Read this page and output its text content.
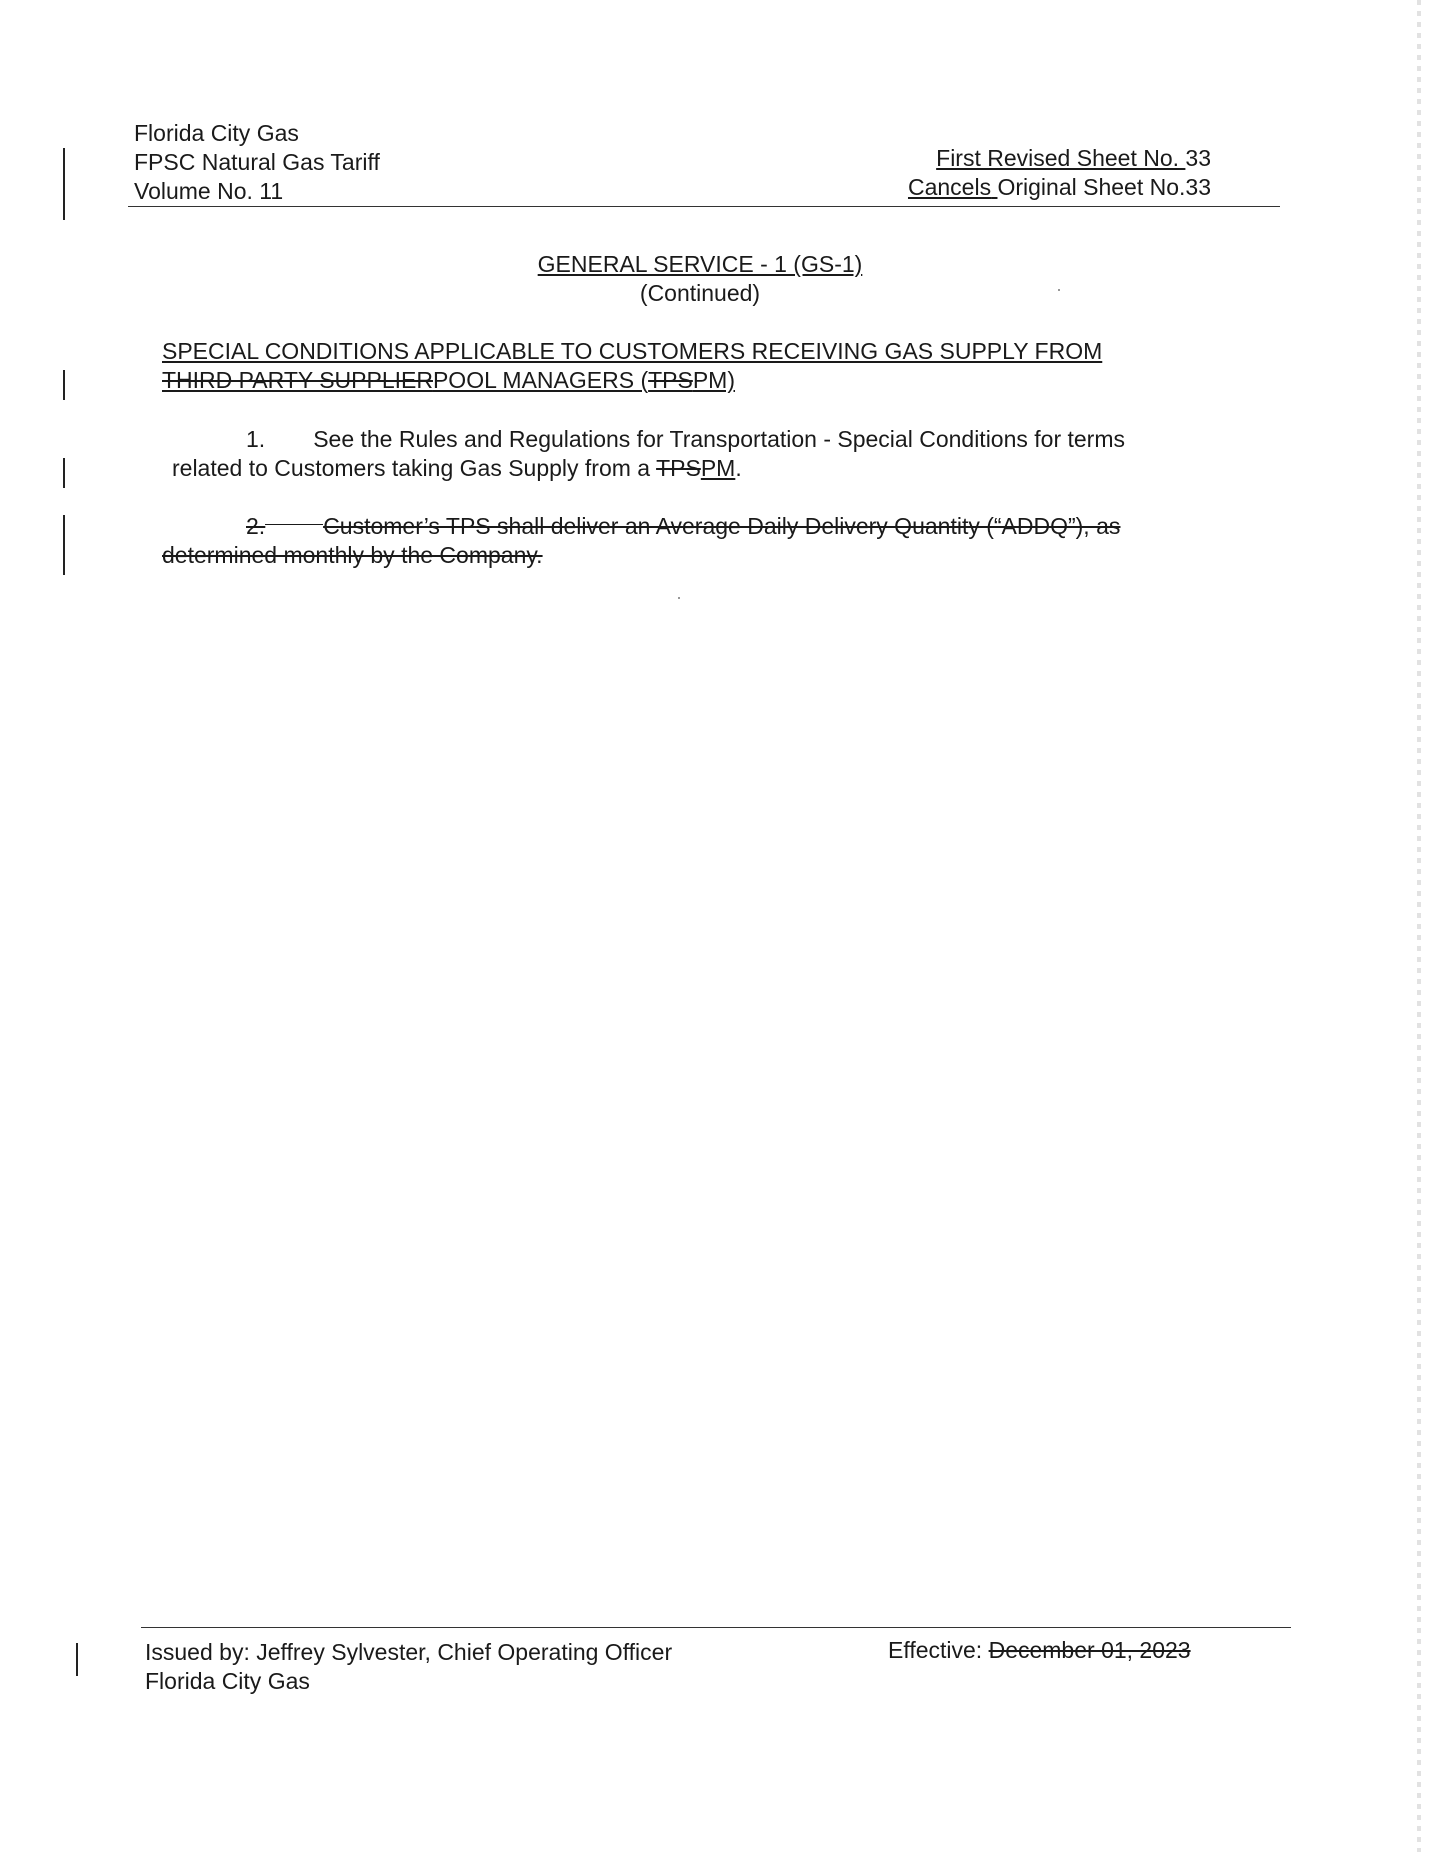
Florida City Gas
FPSC Natural Gas Tariff
Volume No. 11
First Revised Sheet No. 33
Cancels Original Sheet No.33
GENERAL SERVICE - 1 (GS-1)
(Continued)
SPECIAL CONDITIONS APPLICABLE TO CUSTOMERS RECEIVING GAS SUPPLY FROM
THIRD PARTY SUPPLIERPOOL MANAGERS (TPSPM)
1. See the Rules and Regulations for Transportation - Special Conditions for terms
related to Customers taking Gas Supply from a TPSPM.
2.	Customer’s TPS shall deliver an Average Daily Delivery Quantity (“ADDQ”), as
determined monthly by the Company.
Issued by: Jeffrey Sylvester, Chief Operating Officer
Florida City Gas
Effective: December 01, 2023
